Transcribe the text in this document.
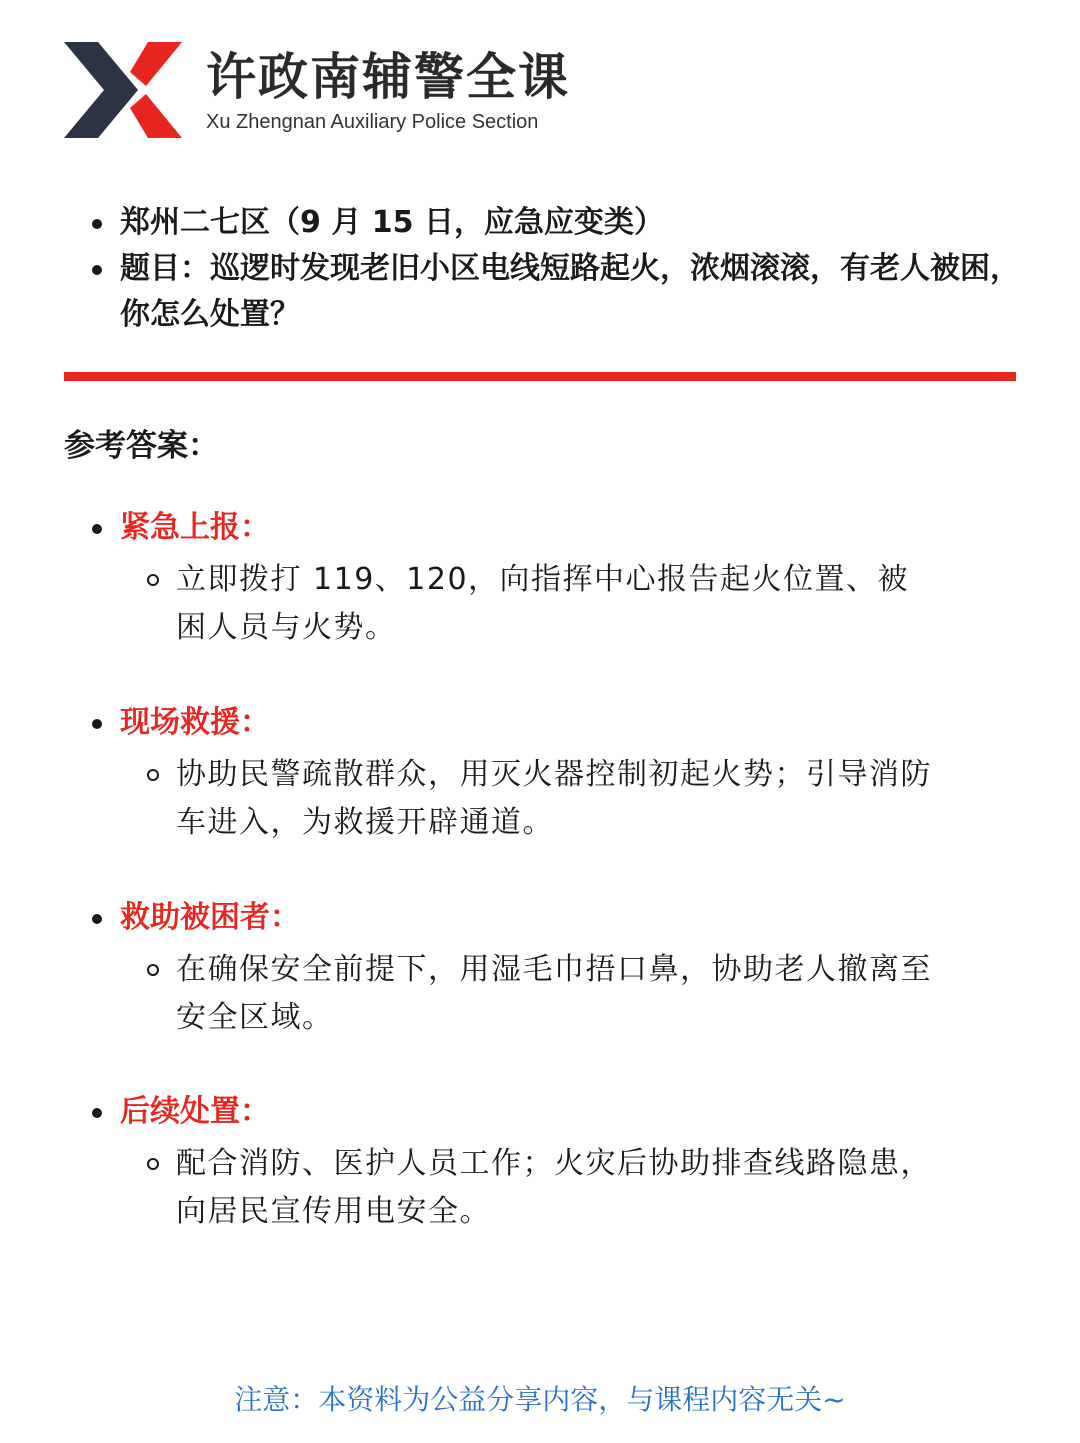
许政南辅警全课
Xu Zhengnan Auxiliary Police Section
郑州二七区（9 月 15 日，应急应变类）
题目：巡逻时发现老旧小区电线短路起火，浓烟滚滚，有老人被困，你怎么处置？
参考答案：
紧急上报：
立即拨打 119、120，向指挥中心报告起火位置、被困人员与火势。
现场救援：
协助民警疏散群众，用灭火器控制初起火势；引导消防车进入，为救援开辟通道。
救助被困者：
在确保安全前提下，用湿毛巾捂口鼻，协助老人撤离至安全区域。
后续处置：
配合消防、医护人员工作；火灾后协助排查线路隐患，向居民宣传用电安全。
注意：本资料为公益分享内容，与课程内容无关~
